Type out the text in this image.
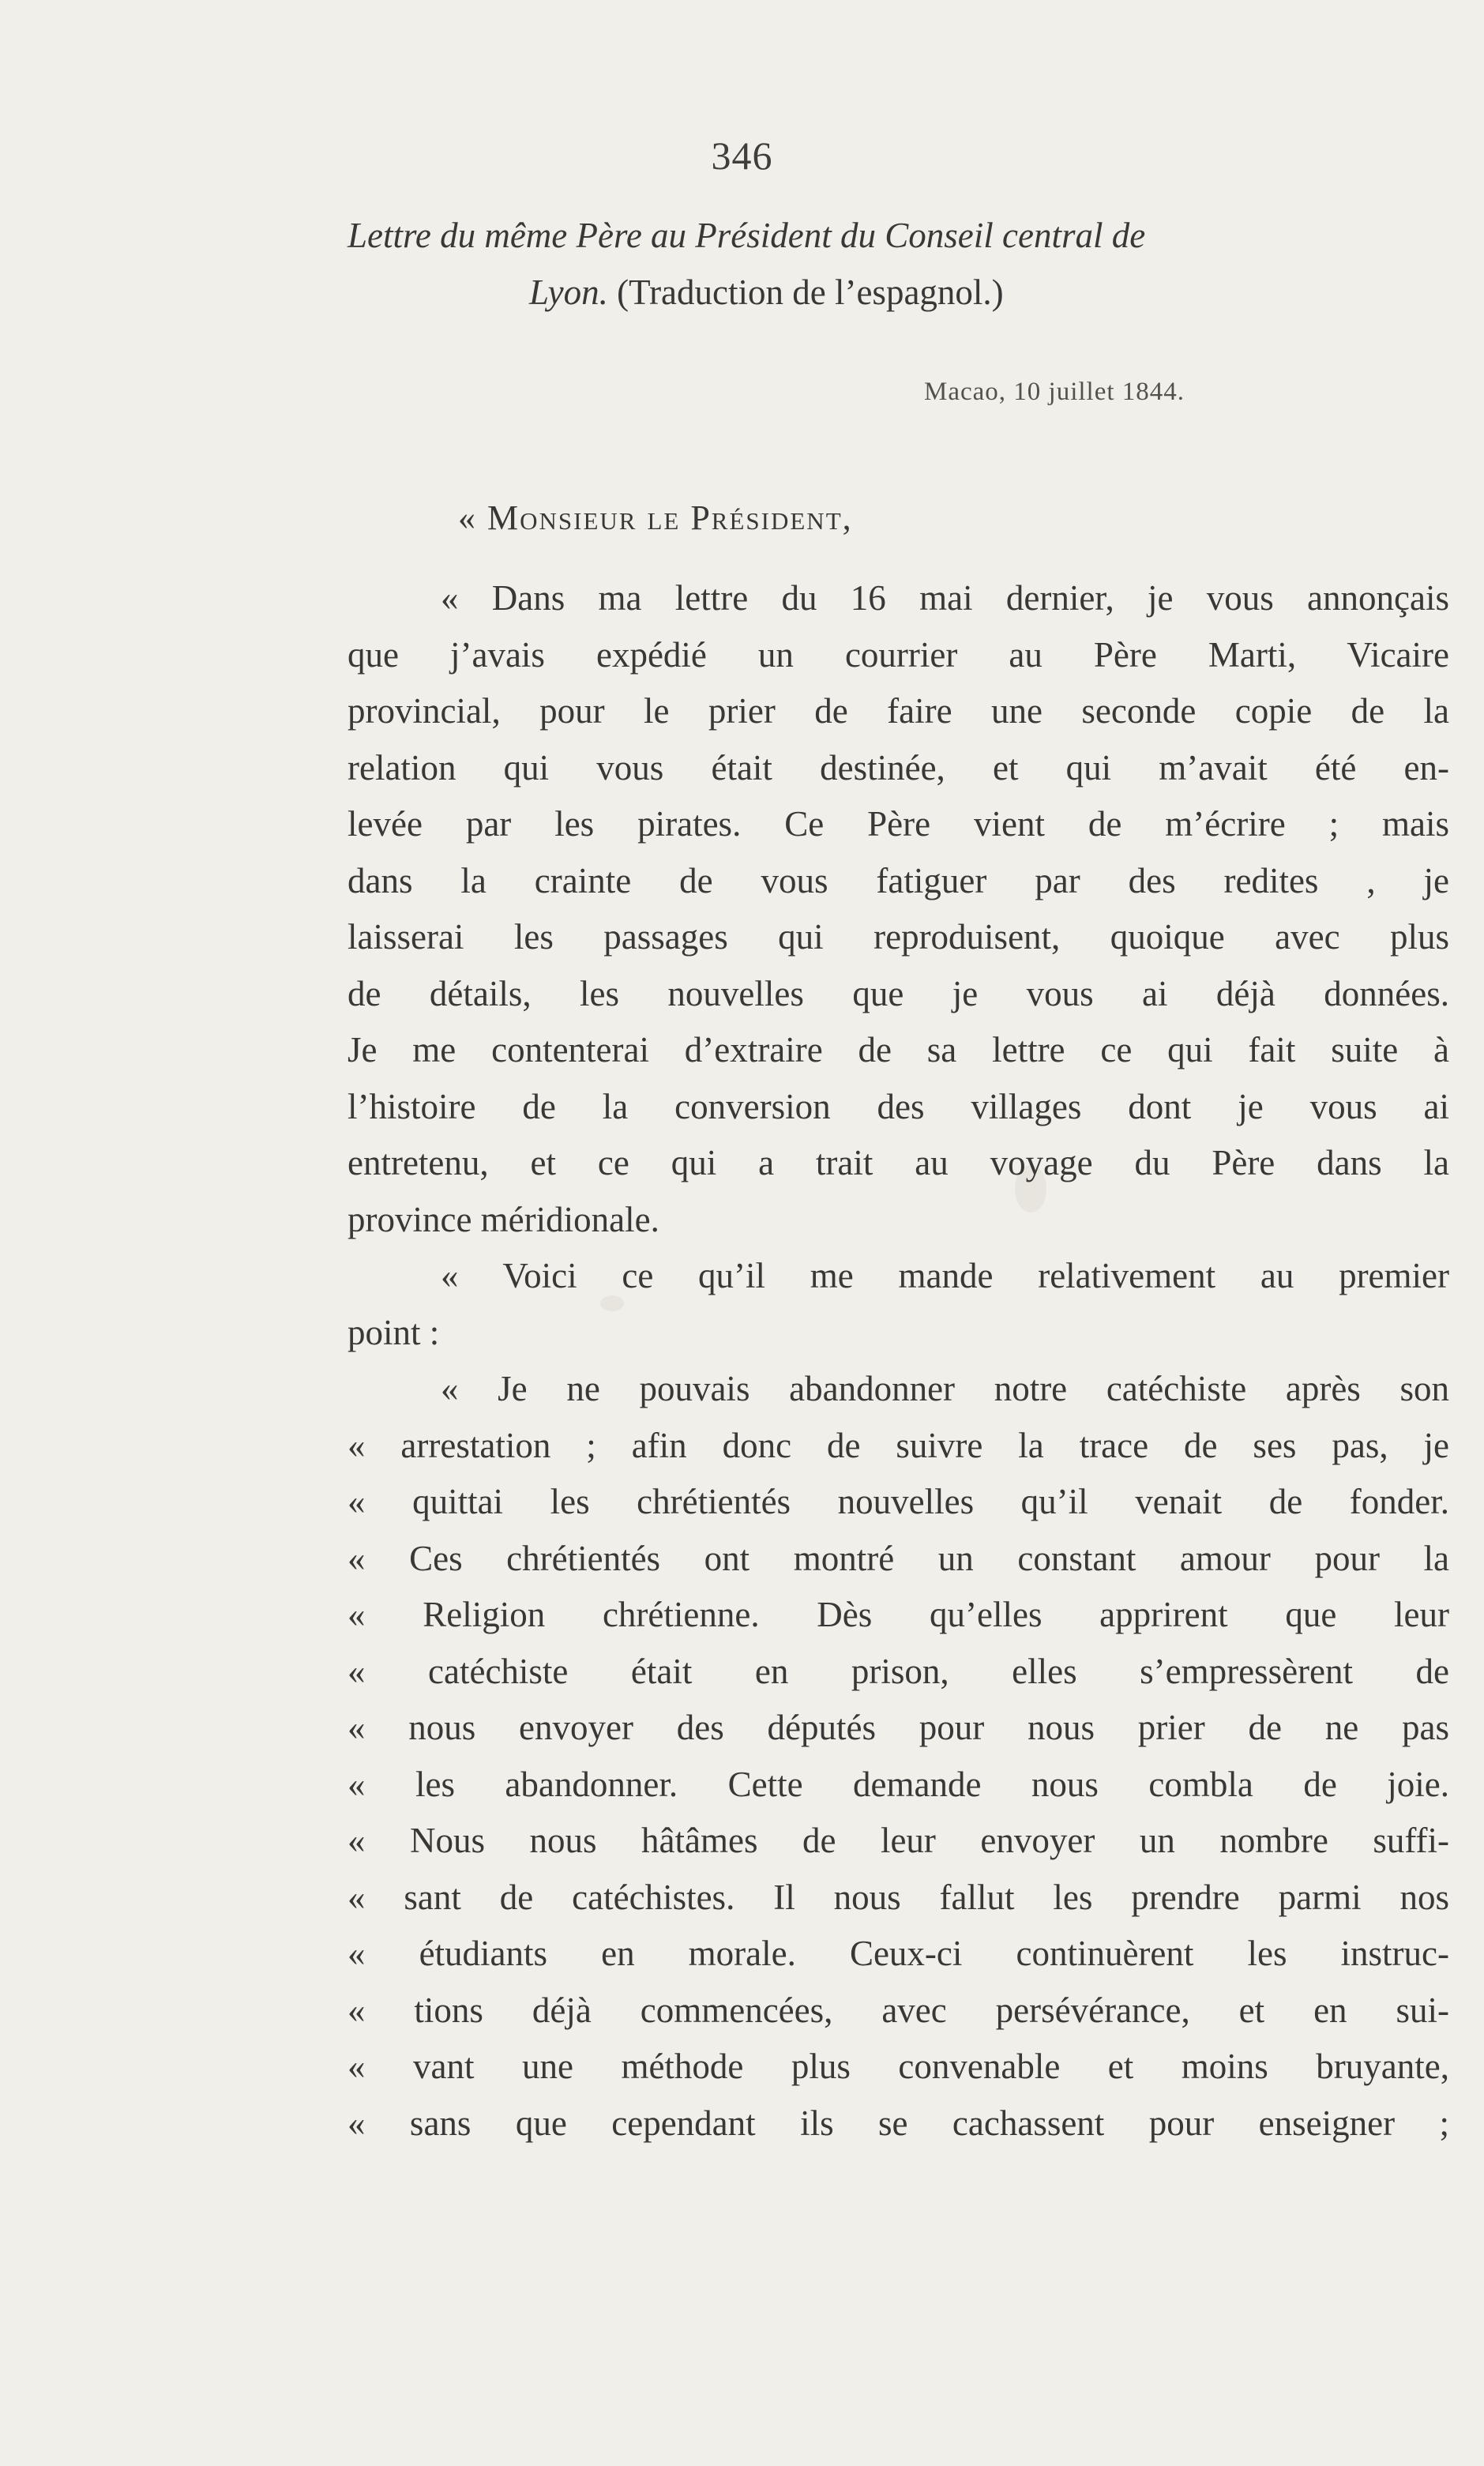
346
Lettre du même Père au Président du Conseil central de
Lyon. (Traduction de l’espagnol.)
Macao, 10 juillet 1844.
« Monsieur le Président,
« Dans ma lettre du 16 mai dernier, je vous annonçais
que j’avais expédié un courrier au Père Marti, Vicaire
provincial, pour le prier de faire une seconde copie de la
relation qui vous était destinée, et qui m’avait été en-
levée par les pirates. Ce Père vient de m’écrire ; mais
dans la crainte de vous fatiguer par des redites , je
laisserai les passages qui reproduisent, quoique avec plus
de détails, les nouvelles que je vous ai déjà données.
Je me contenterai d’extraire de sa lettre ce qui fait suite à
l’histoire de la conversion des villages dont je vous ai
entretenu, et ce qui a trait au voyage du Père dans la
province méridionale.
« Voici ce qu’il me mande relativement au premier
point :
« Je ne pouvais abandonner notre catéchiste après son
« arrestation ; afin donc de suivre la trace de ses pas, je
« quittai les chrétientés nouvelles qu’il venait de fonder.
« Ces chrétientés ont montré un constant amour pour la
« Religion chrétienne. Dès qu’elles apprirent que leur
« catéchiste était en prison, elles s’empressèrent de
« nous envoyer des députés pour nous prier de ne pas
« les abandonner. Cette demande nous combla de joie.
« Nous nous hâtâmes de leur envoyer un nombre suffi-
« sant de catéchistes. Il nous fallut les prendre parmi nos
« étudiants en morale. Ceux-ci continuèrent les instruc-
« tions déjà commencées, avec persévérance, et en sui-
« vant une méthode plus convenable et moins bruyante,
« sans que cependant ils se cachassent pour enseigner ;
